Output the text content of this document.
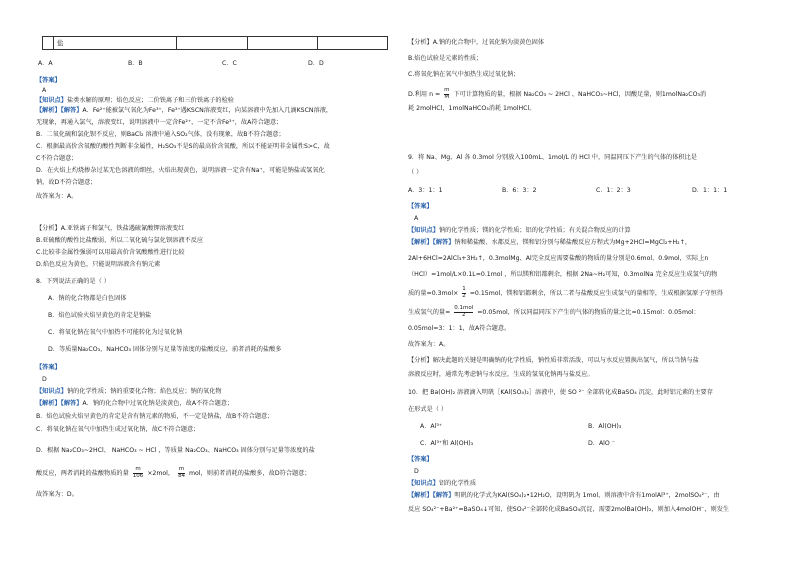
	盐			
A．A	B．B	C．C	D．D
【答案】
A
【知识点】盐类水解的原理；焰色反应；二价铁离子和三价铁离子的检验
【解析】【解答】A．Fe²⁺能被氯气氧化为Fe³⁺，Fe³⁺遇KSCN溶液变红，向某溶液中先加入几滴KSCN溶液，
无现象，再通入氯气，溶液变红，说明溶液中一定含Fe²⁺，一定不含Fe³⁺，故A符合题意；
B．二氧化硫和氯化钡不反应，则BaCl₂ 溶液中通入SO₂气体，没有现象，故B不符合题意；
C．根据最高价含氧酸的酸性判断非金属性，H₂SO₃不是S的最高价含氧酸，所以不能证明非金属性S>C，故
C不符合题意；
D．在火焰上灼烧掺杂过某无色溶液的细丝，火焰出现黄色，说明溶液一定含有Na⁺，可能是钠盐或氢氧化
钠，故D不符合题意；
故答案为：A。
【分析】A.亚铁离子和氯气，铁盐遇硫氰酸钾溶液变红
B.亚硫酸的酸性比盐酸弱，所以二氧化硫与氯化钡溶液不反应
C.比较非金属性强弱可以用最高价含氧酸酸性进行比较
D.焰色反应为黄色，只能说明溶液含有钠元素
8．下列说法正确的是（ ）
A．钠的化合物都是白色固体
B．焰色试验火焰呈黄色的肯定是钠盐
C．将氧化钠在氧气中加热不可能转化为过氧化钠
D．等质量Na₂CO₃、NaHCO₃ 固体分别与足量等浓度的盐酸反应，前者消耗的盐酸多
【答案】
D
【知识点】钠的化学性质；钠的重要化合物；焰色反应；钠的氧化物
【解析】【解答】A．钠的化合物中过氧化钠是淡黄色，故A不符合题意；
B．焰色试验火焰呈黄色的肯定是含有钠元素的物质，不一定是钠盐，故B不符合题意；
C．将氧化钠在氧气中加热生成过氧化钠，故C不符合题意；
D．根据 Na₂CO₃~2HCl、 NaHCO₃ ~ HCl ，等质量 Na₂CO₃、NaHCO₃ 固体分别与足量等浓度的盐
酸反应，两者消耗的盐酸物质的量 $\frac{m}{106} \times 2mol$， $\frac{m}{84}$ mol，则前者消耗的盐酸多，故D符合题意；
故答案为：D。
【分析】A.钠的化合物中，过氧化钠为淡黄色固体
B.焰色试验是元素的性质；
C.将氧化钠在氧气中加热生成过氧化钠；
D.利用 $n = \frac{m}{M}$ 下可计算物质的量，根据 Na₂CO₃ ~ 2HCl 、NaHCO₃~HCl，因酸足量，则1molNa₂CO₃消
耗 2molHCl，1molNaHCO₃消耗 1molHCl。
9．将 Na、Mg、Al 各 0.3mol 分别放入100mL、1mol/L 的 HCl 中，同温同压下产生的气体的体积比是
（ ）
A．3：1：1	B．6：3：2	C．1：2：3	D．1：1：1
【答案】
A
【知识点】钠的化学性质；镁的化学性质；铝的化学性质；有关混合物反应的计算
【解析】【解答】钠和稀盐酸、水都反应，镁和铝分别与稀盐酸反应方程式为Mg+2HCl=MgCl₂+H₂↑，
2Al+6HCl=2AlCl₃+3H₂↑，0.3molMg、Al完全反应需要盐酸的物质的量分别是0.6mol、0.9mol，实际上n
（HCl）=1mol/L×0.1L=0.1mol ，所以镁和铝都剩余，根据 2Na~H₂可知，0.3molNa 完全反应生成氢气的物
质的量$=0.3mol\times \frac{1}{2} =0.15mol$，镁和铝都剩余，所以二者与盐酸反应生成氢气的量相等，生成根据氢原子守恒得
生成氢气的量= $\frac{\text{0.1mol}}{2} =0.05mol$，所以同温同压下产生的气体的物质的量之比=0.15mol：0.05mol：
0.05mol=3：1：1，故A符合题意。
故答案为：A。
【分析】解决此题的关键是明确钠的化学性质，钠性质非常活泼，可以与水反应置换出氢气，所以当钠与盐
溶液反应时，通常先考虑钠与水反应，生成的氢氧化钠再与盐反应。
10．把 Ba(OH)₂ 溶液滴入明矾［KAl(SO₄)₂］溶液中，使 SO ²⁻ 全部转化成BaSO₄ 沉淀，此时铝元素的主要存
在形式是（ ）
A．Al³⁺	B．Al(OH)₃
C．Al³⁺和 Al(OH)₃	D．AlO ⁻
【答案】
D
【知识点】铝的化学性质
【解析】【解答】明矾的化学式为KAl(SO₄)₂•12H₂O，设明矾为 1mol，则溶液中含有1molAl³⁺，2molSO₄²⁻，由
反应 SO₄²⁻+Ba²⁺=BaSO₄↓可知，使SO₄²⁻全部转化成BaSO₄沉淀，需要2molBa(OH)₂，则加入4molOH⁻，则发生
